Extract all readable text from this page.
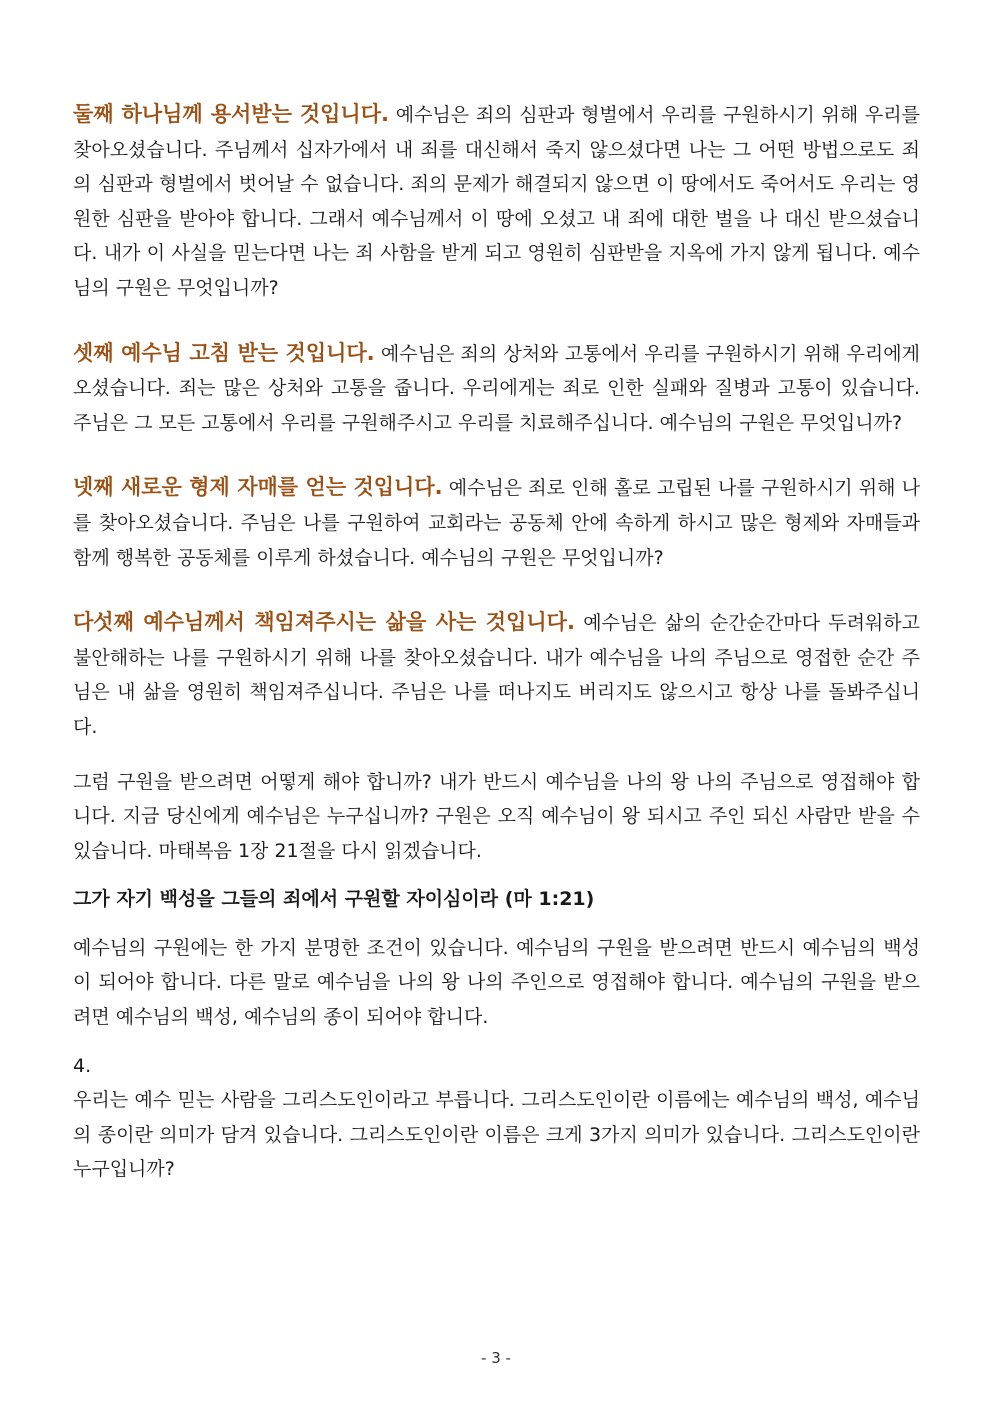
둘째 하나님께 용서받는 것입니다. 예수님은 죄의 심판과 형벌에서 우리를 구원하시기 위해 우리를 찾아오셨습니다. 주님께서 십자가에서 내 죄를 대신해서 죽지 않으셨다면 나는 그 어떤 방법으로도 죄의 심판과 형벌에서 벗어날 수 없습니다. 죄의 문제가 해결되지 않으면 이 땅에서도 죽어서도 우리는 영원한 심판을 받아야 합니다. 그래서 예수님께서 이 땅에 오셨고 내 죄에 대한 벌을 나 대신 받으셨습니다. 내가 이 사실을 믿는다면 나는 죄 사함을 받게 되고 영원히 심판받을 지옥에 가지 않게 됩니다. 예수님의 구원은 무엇입니까?

셋째 예수님 고침 받는 것입니다. 예수님은 죄의 상처와 고통에서 우리를 구원하시기 위해 우리에게 오셨습니다. 죄는 많은 상처와 고통을 줍니다. 우리에게는 죄로 인한 실패와 질병과 고통이 있습니다. 주님은 그 모든 고통에서 우리를 구원해주시고 우리를 치료해주십니다. 예수님의 구원은 무엇입니까?

넷째 새로운 형제 자매를 얻는 것입니다. 예수님은 죄로 인해 홀로 고립된 나를 구원하시기 위해 나를 찾아오셨습니다. 주님은 나를 구원하여 교회라는 공동체 안에 속하게 하시고 많은 형제와 자매들과 함께 행복한 공동체를 이루게 하셨습니다. 예수님의 구원은 무엇입니까?

다섯째 예수님께서 책임져주시는 삶을 사는 것입니다. 예수님은 삶의 순간순간마다 두려워하고 불안해하는 나를 구원하시기 위해 나를 찾아오셨습니다. 내가 예수님을 나의 주님으로 영접한 순간 주님은 내 삶을 영원히 책임져주십니다. 주님은 나를 떠나지도 버리지도 않으시고 항상 나를 돌봐주십니다.

그럼 구원을 받으려면 어떻게 해야 합니까? 내가 반드시 예수님을 나의 왕 나의 주님으로 영접해야 합니다. 지금 당신에게 예수님은 누구십니까? 구원은 오직 예수님이 왕 되시고 주인 되신 사람만 받을 수 있습니다. 마태복음 1장 21절을 다시 읽겠습니다.

그가 자기 백성을 그들의 죄에서 구원할 자이심이라 (마 1:21)

예수님의 구원에는 한 가지 분명한 조건이 있습니다. 예수님의 구원을 받으려면 반드시 예수님의 백성이 되어야 합니다. 다른 말로 예수님을 나의 왕 나의 주인으로 영접해야 합니다. 예수님의 구원을 받으려면 예수님의 백성, 예수님의 종이 되어야 합니다.

4.

우리는 예수 믿는 사람을 그리스도인이라고 부릅니다. 그리스도인이란 이름에는 예수님의 백성, 예수님의 종이란 의미가 담겨 있습니다. 그리스도인이란 이름은 크게 3가지 의미가 있습니다. 그리스도인이란 누구입니까?

- 3 -
